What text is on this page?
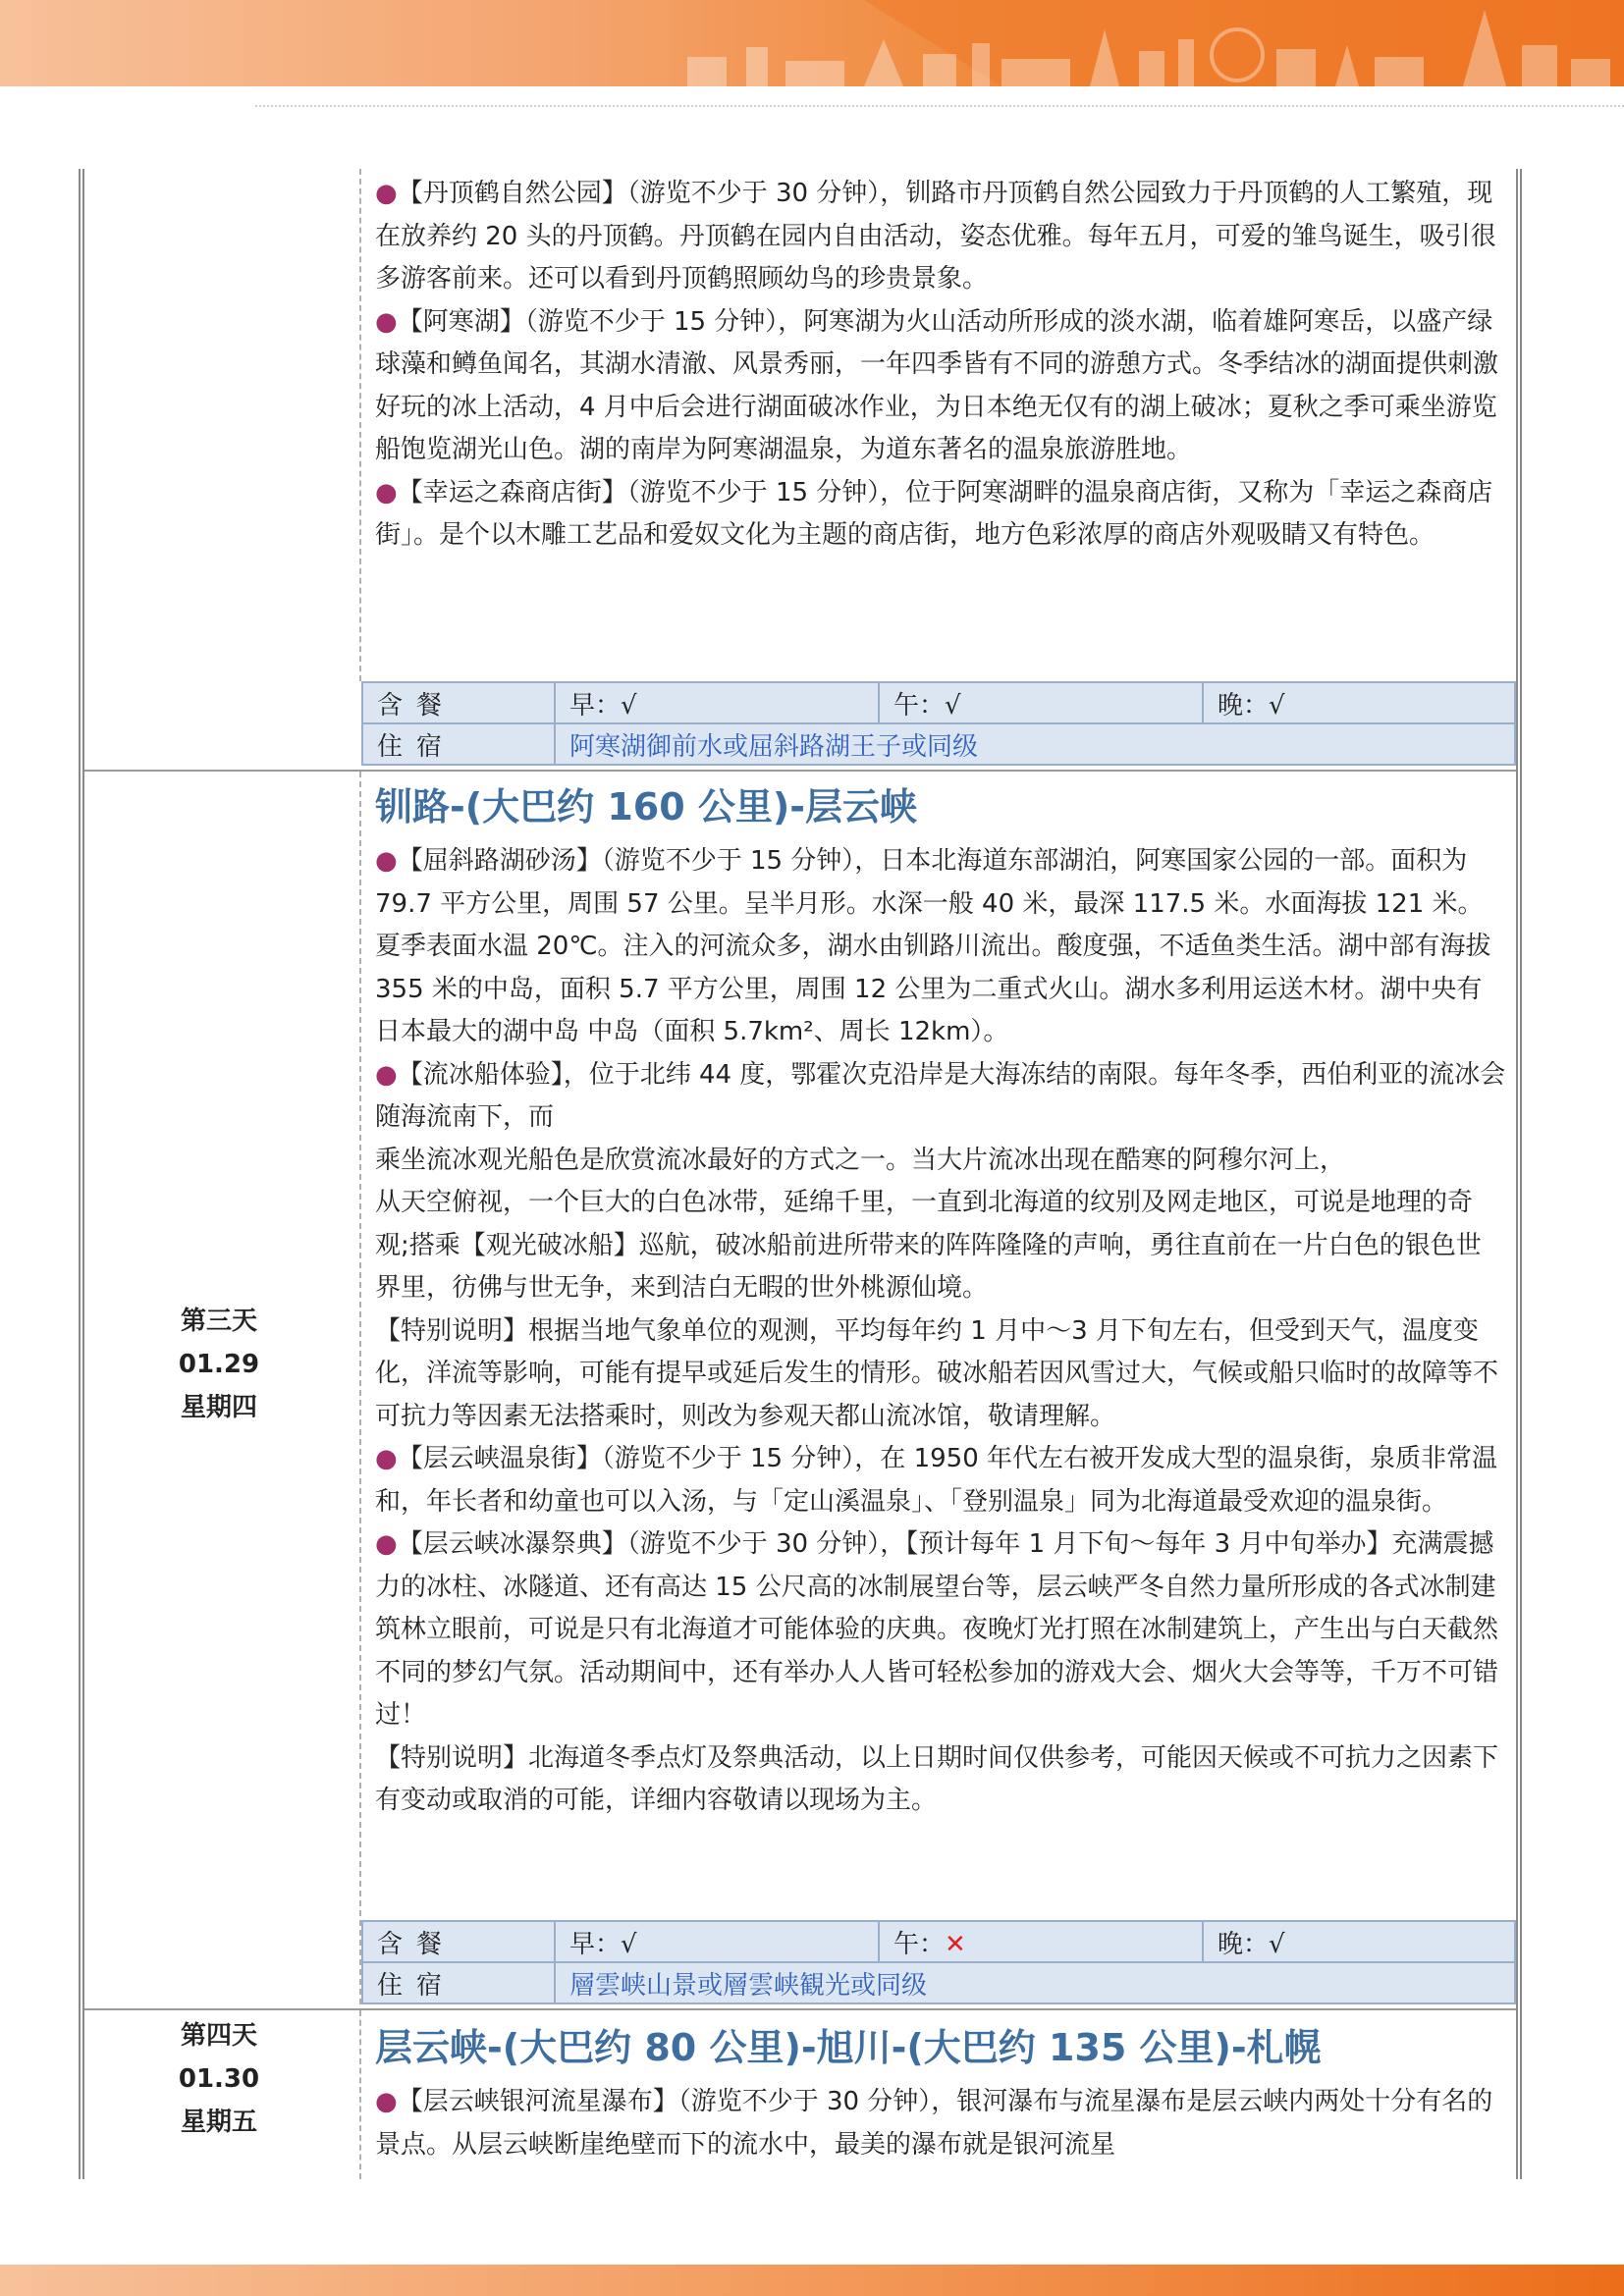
●【丹顶鹤自然公园】（游览不少于 30 分钟），钏路市丹顶鹤自然公园致力于丹顶鹤的人工繁殖，现在放养约 20 头的丹顶鹤。丹顶鹤在园内自由活动，姿态优雅。每年五月，可爱的雏鸟诞生，吸引很多游客前来。还可以看到丹顶鹤照顾幼鸟的珍贵景象。

●【阿寒湖】（游览不少于 15 分钟），阿寒湖为火山活动所形成的淡水湖，临着雄阿寒岳，以盛产绿球藻和鳟鱼闻名，其湖水清澈、风景秀丽，一年四季皆有不同的游憩方式。冬季结冰的湖面提供刺激好玩的冰上活动，4 月中后会进行湖面破冰作业，为日本绝无仅有的湖上破冰；夏秋之季可乘坐游览船饱览湖光山色。湖的南岸为阿寒湖温泉，为道东著名的温泉旅游胜地。

●【幸运之森商店街】（游览不少于 15 分钟），位于阿寒湖畔的温泉商店街，又称为「幸运之森商店街」。是个以木雕工艺品和爱奴文化为主题的商店街，地方色彩浓厚的商店外观吸睛又有特色。

含餐	早：√	午：√	晚：√
住宿	阿寒湖御前水或屈斜路湖王子或同级		
第三天
01.29
星期四
钏路-(大巴约 160 公里)-层云峡

●【屈斜路湖砂汤】（游览不少于 15 分钟），日本北海道东部湖泊，阿寒国家公园的一部。面积为 79.7 平方公里，周围 57 公里。呈半月形。水深一般 40 米，最深 117.5 米。水面海拔 121 米。夏季表面水温 20℃。注入的河流众多，湖水由钏路川流出。酸度强，不适鱼类生活。湖中部有海拔 355 米的中岛，面积 5.7 平方公里，周围 12 公里为二重式火山。湖水多利用运送木材。湖中央有日本最大的湖中岛 中岛（面积 5.7km²、周长 12km）。

●【流冰船体验】，位于北纬 44 度，鄂霍次克沿岸是大海冻结的南限。每年冬季，西伯利亚的流冰会随海流南下，而

乘坐流冰观光船色是欣赏流冰最好的方式之一。当大片流冰出现在酷寒的阿穆尔河上，

从天空俯视，一个巨大的白色冰带，延绵千里，一直到北海道的纹别及网走地区，可说是地理的奇观;搭乘【观光破冰船】巡航，破冰船前进所带来的阵阵隆隆的声响，勇往直前在一片白色的银色世界里，彷佛与世无争，来到洁白无暇的世外桃源仙境。

【特别说明】根据当地气象单位的观测，平均每年约 1 月中～3 月下旬左右，但受到天气，温度变化，洋流等影响，可能有提早或延后发生的情形。破冰船若因风雪过大，气候或船只临时的故障等不可抗力等因素无法搭乘时，则改为参观天都山流冰馆，敬请理解。

●【层云峡温泉街】（游览不少于 15 分钟），在 1950 年代左右被开发成大型的温泉街，泉质非常温和，年长者和幼童也可以入汤，与「定山溪温泉」、「登别温泉」同为北海道最受欢迎的温泉街。

●【层云峡冰瀑祭典】（游览不少于 30 分钟），【预计每年 1 月下旬～每年 3 月中旬举办】充满震撼力的冰柱、冰隧道、还有高达 15 公尺高的冰制展望台等，层云峡严冬自然力量所形成的各式冰制建筑林立眼前，可说是只有北海道才可能体验的庆典。夜晚灯光打照在冰制建筑上，产生出与白天截然不同的梦幻气氛。活动期间中，还有举办人人皆可轻松参加的游戏大会、烟火大会等等，千万不可错过！

【特别说明】北海道冬季点灯及祭典活动，以上日期时间仅供参考，可能因天候或不可抗力之因素下有变动或取消的可能，详细内容敬请以现场为主。

含餐	早：√	午：✕	晚：√
住宿	層雲峡山景或層雲峡観光或同级		
第四天
01.30
星期五
层云峡-(大巴约 80 公里)-旭川-(大巴约 135 公里)-札幌

●【层云峡银河流星瀑布】（游览不少于 30 分钟），银河瀑布与流星瀑布是层云峡内两处十分有名的景点。从层云峡断崖绝壁而下的流水中，最美的瀑布就是银河流星
